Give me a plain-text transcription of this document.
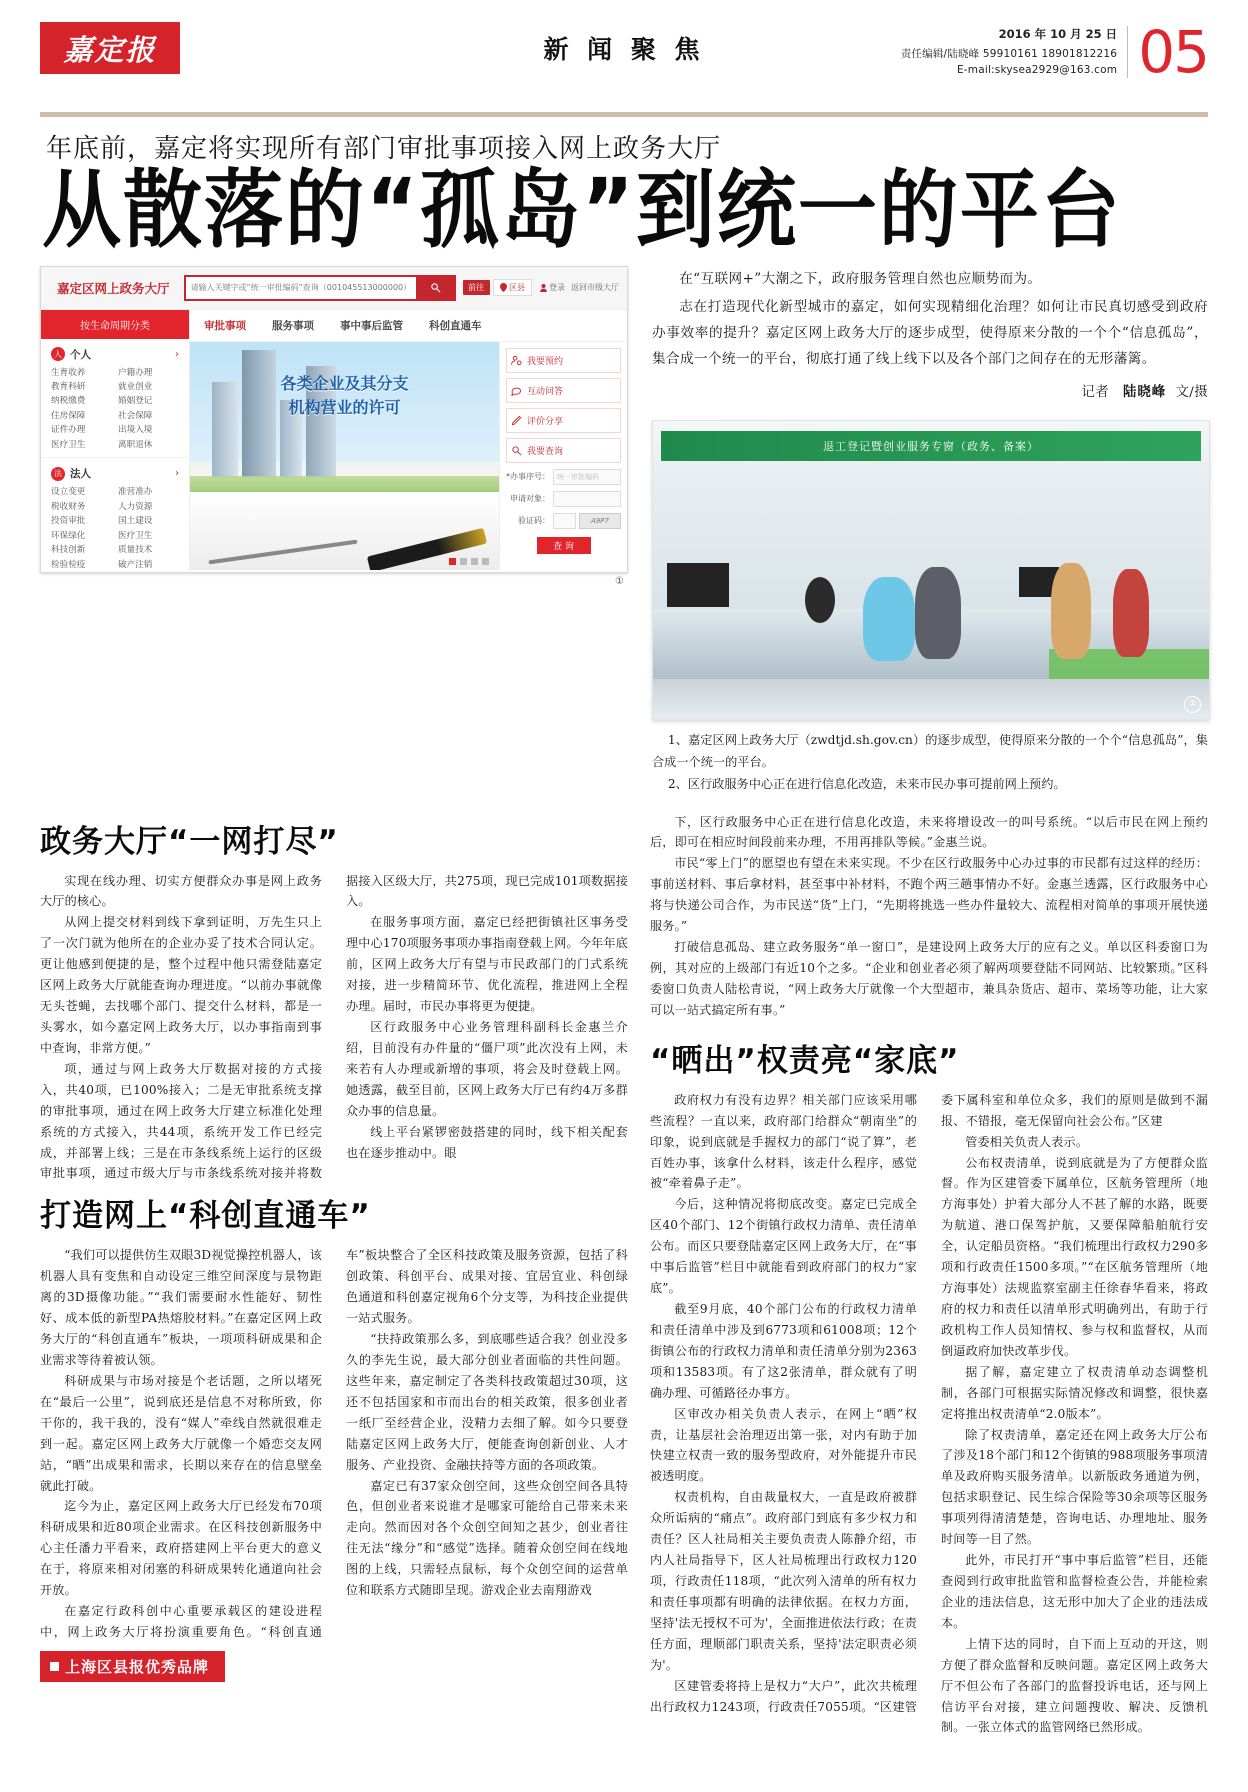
嘉定报	新 闻 聚 焦
2016 年 10 月 25 日
责任编辑/陆晓峰 59910161 18901812216
E-mail:skysea2929@163.com 05
年底前，嘉定将实现所有部门审批事项接入网上政务大厅
从散落的“孤岛”到统一的平台
嘉定区网上政务大厅
请输入关键字或“统一审批编码”查询（001045513000000）	前往	区县	登录 返回市级大厅
按生命周期分类
人 个人	›
生育收养	户籍办理
教育科研	就业创业
纳税缴费	婚姻登记
住房保障	社会保障
证件办理	出境入境
医疗卫生	离职退休
法 法人	›
设立变更	准营准办
税收财务	人力资源
投资审批	国土建设
环保绿化	医疗卫生
科技创新	质量技术
检验检疫	破产注销
审批事项 服务事项 事中事后监管 科创直通车
各类企业及其分支
机构营业的许可
我要预约
互动问答
评价分享
我要查询
*办事序号：	统一审批编码
申请对象：
验证码：	A9P7
查 询
①

在“互联网+”大潮之下，政府服务管理自然也应顺势而为。

志在打造现代化新型城市的嘉定，如何实现精细化治理？如何让市民真切感受到政府办事效率的提升？嘉定区网上政务大厅的逐步成型，使得原来分散的一个个“信息孤岛”，集合成一个统一的平台，彻底打通了线上线下以及各个部门之间存在的无形藩篱。

记者 陆晓峰 文/摄
退工登记暨创业服务专窗（政务、备案）
②

1、嘉定区网上政务大厅（zwdtjd.sh.gov.cn）的逐步成型，使得原来分散的一个个“信息孤岛”，集合成一个统一的平台。

2、区行政服务中心正在进行信息化改造，未来市民办事可提前网上预约。

政务大厅“一网打尽”

实现在线办理、切实方便群众办事是网上政务大厅的核心。

从网上提交材料到线下拿到证明，万先生只上了一次门就为他所在的企业办妥了技术合同认定。更让他感到便捷的是，整个过程中他只需登陆嘉定区网上政务大厅就能查询办理进度。“以前办事就像无头苍蝇，去找哪个部门、提交什么材料，都是一头雾水，如今嘉定网上政务大厅，以办事指南到事中查询，非常方便。”

项，通过与网上政务大厅数据对接的方式接入，共40项，已100%接入；二是无审批系统支撑的审批事项，通过在网上政务大厅建立标准化处理系统的方式接入，共44项，系统开发工作已经完成，并部署上线；三是在市条线系统上运行的区级审批事项，通过市级大厅与市条线系统对接并将数据接入区级大厅，共275项，现已完成101项数据接入。

在服务事项方面，嘉定已经把街镇社区事务受理中心170项服务事项办事指南登载上网。今年年底前，区网上政务大厅有望与市民政部门的门式系统对接，进一步精简环节、优化流程，推进网上全程办理。届时，市民办事将更为便捷。

区行政服务中心业务管理科副科长金惠兰介绍，目前没有办件量的“僵尸项”此次没有上网，未来若有人办理或新增的事项，将会及时登载上网。她透露，截至目前，区网上政务大厅已有约4万多群众办事的信息量。

线上平台紧锣密鼓搭建的同时，线下相关配套也在逐步推动中。眼

打造网上“科创直通车”

“我们可以提供仿生双眼3D视觉操控机器人，该机器人具有变焦和自动设定三维空间深度与景物距离的3D摄像功能。”“我们需要耐水性能好、韧性好、成本低的新型PA热熔胶材料。”在嘉定区网上政务大厅的“科创直通车”板块，一项项科研成果和企业需求等待着被认领。

科研成果与市场对接是个老话题，之所以堵死在“最后一公里”，说到底还是信息不对称所致，你干你的，我干我的，没有“媒人”牵线自然就很难走到一起。嘉定区网上政务大厅就像一个婚恋交友网站，“晒”出成果和需求，长期以来存在的信息壁垒就此打破。

迄今为止，嘉定区网上政务大厅已经发布70项科研成果和近80项企业需求。在区科技创新服务中心主任潘力平看来，政府搭建网上平台更大的意义在于，将原来相对闭塞的科研成果转化通道向社会开放。

在嘉定行政科创中心重要承载区的建设进程中，网上政务大厅将扮演重要角色。“科创直通车”板块整合了全区科技政策及服务资源，包括了科创政策、科创平台、成果对接、宜居宜业、科创绿色通道和科创嘉定视角6个分支等，为科技企业提供一站式服务。

“扶持政策那么多，到底哪些适合我？创业没多久的李先生说，最大部分创业者面临的共性问题。这些年来，嘉定制定了各类科技政策超过30项，这还不包括国家和市而出台的相关政策，很多创业者一纸厂至经营企业，没精力去细了解。如今只要登陆嘉定区网上政务大厅，便能查询创新创业、人才服务、产业投资、金融扶持等方面的各项政策。

嘉定已有37家众创空间，这些众创空间各具特色，但创业者来说谁才是哪家可能给自己带来未来走向。然而因对各个众创空间知之甚少，创业者往往无法“缘分”和“感觉”选择。随着众创空间在线地图的上线，只需轻点鼠标，每个众创空间的运营单位和联系方式随即呈现。游戏企业去南翔游戏

上海区县报优秀品牌

下，区行政服务中心正在进行信息化改造，未来将增设改一的叫号系统。“以后市民在网上预约后，即可在相应时间段前来办理，不用再排队等候。”金惠兰说。

市民“零上门”的愿望也有望在未来实现。不少在区行政服务中心办过事的市民都有过这样的经历：事前送材料、事后拿材料，甚至事中补材料，不跑个两三趟事情办不好。金惠兰透露，区行政服务中心将与快递公司合作，为市民送“货”上门，“先期将挑选一些办件量较大、流程相对简单的事项开展快递服务。”

打破信息孤岛、建立政务服务“单一窗口”，是建设网上政务大厅的应有之义。单以区科委窗口为例，其对应的上级部门有近10个之多。“企业和创业者必须了解两项要登陆不同网站、比较繁琐。”区科委窗口负责人陆松青说，“网上政务大厅就像一个大型超市，兼具杂货店、超市、菜场等功能，让大家可以一站式搞定所有事。”

“晒出”权责亮“家底”

政府权力有没有边界？相关部门应该采用哪些流程？一直以来，政府部门给群众“朝南坐”的印象，说到底就是手握权力的部门“说了算”，老百姓办事，该拿什么材料，该走什么程序，感觉被“牵着鼻子走”。

今后，这种情况将彻底改变。嘉定已完成全区40个部门、12个街镇行政权力清单、责任清单公布。而区只要登陆嘉定区网上政务大厅，在“事中事后监管”栏目中就能看到政府部门的权力“家底”。

截至9月底，40个部门公布的行政权力清单和责任清单中涉及到6773项和61008项；12个街镇公布的行政权力清单和责任清单分别为2363项和13583项。有了这2张清单，群众就有了明确办理、可循路径办事方。

区审改办相关负责人表示，在网上“晒”权责，让基层社会治理迈出第一张，对内有助于加快建立权责一致的服务型政府，对外能提升市民被透明度。

权责机构，自由裁量权大，一直是政府被群众所诟病的“痛点”。政府部门到底有多少权力和责任？区人社局相关主要负责责人陈静介绍，市内人社局指导下，区人社局梳理出行政权力120项，行政责任118项，“此次列入清单的所有权力和责任事项都有明确的法律依据。在权力方面，坚持'法无授权不可为'，全面推进依法行政；在责任方面，理顺部门职责关系，坚持'法定职责必须为'。

区建管委将持上是权力“大户”，此次共梳理出行政权力1243项，行政责任7055项。“区建管委下属科室和单位众多，我们的原则是做到不漏报、不错报，毫无保留向社会公布。”区建

管委相关负责人表示。

公布权责清单，说到底就是为了方便群众监督。作为区建管委下属单位，区航务管理所（地方海事处）护着大部分人不甚了解的水路，既要为航道、港口保驾护航，又要保障船舶航行安全，认定船员资格。“我们梳理出行政权力290多项和行政责任1500多项。”“在区航务管理所（地方海事处）法规监察室副主任徐春华看来，将政府的权力和责任以清单形式明确列出，有助于行政机构工作人员知情权、参与权和监督权，从而倒逼政府加快改革步伐。

据了解，嘉定建立了权责清单动态调整机制，各部门可根据实际情况修改和调整，很快嘉定将推出权责清单“2.0版本”。

除了权责清单，嘉定还在网上政务大厅公布了涉及18个部门和12个街镇的988项服务事项清单及政府购买服务清单。以新版政务通道为例，包括求职登记、民生综合保险等30余项等区服务事项列得清清楚楚，咨询电话、办理地址、服务时间等一目了然。

此外，市民打开“事中事后监管”栏目，还能查阅到行政审批监管和监督检查公告，并能检索企业的违法信息，这无形中加大了企业的违法成本。

上情下达的同时，自下而上互动的开这，则方便了群众监督和反映问题。嘉定区网上政务大厅不但公布了各部门的监督投诉电话，还与网上信访平台对接，建立问题搜收、解决、反馈机制。一张立体式的监管网络已然形成。
